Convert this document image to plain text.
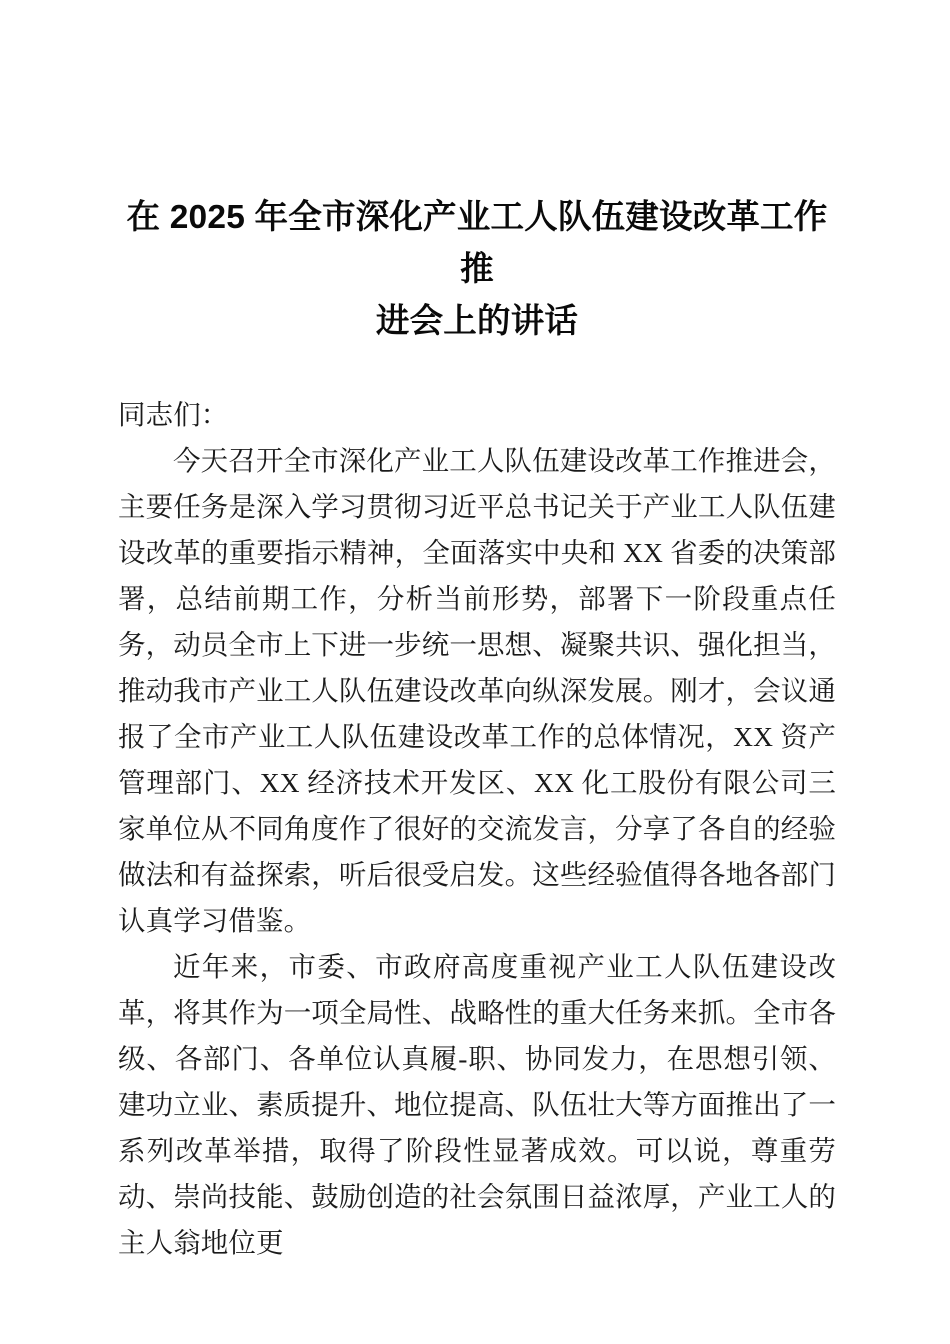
在 2025 年全市深化产业工人队伍建设改革工作推
进会上的讲话

同志们：

今天召开全市深化产业工人队伍建设改革工作推进会，主要任务是深入学习贯彻习近平总书记关于产业工人队伍建设改革的重要指示精神，全面落实中央和 XX 省委的决策部署，总结前期工作，分析当前形势，部署下一阶段重点任务，动员全市上下进一步统一思想、凝聚共识、强化担当，推动我市产业工人队伍建设改革向纵深发展。刚才，会议通报了全市产业工人队伍建设改革工作的总体情况，XX 资产管理部门、XX 经济技术开发区、XX 化工股份有限公司三家单位从不同角度作了很好的交流发言，分享了各自的经验做法和有益探索，听后很受启发。这些经验值得各地各部门认真学习借鉴。

近年来，市委、市政府高度重视产业工人队伍建设改革，将其作为一项全局性、战略性的重大任务来抓。全市各级、各部门、各单位认真履-职、协同发力，在思想引领、建功立业、素质提升、地位提高、队伍壮大等方面推出了一系列改革举措，取得了阶段性显著成效。可以说，尊重劳动、崇尚技能、鼓励创造的社会氛围日益浓厚，产业工人的主人翁地位更
